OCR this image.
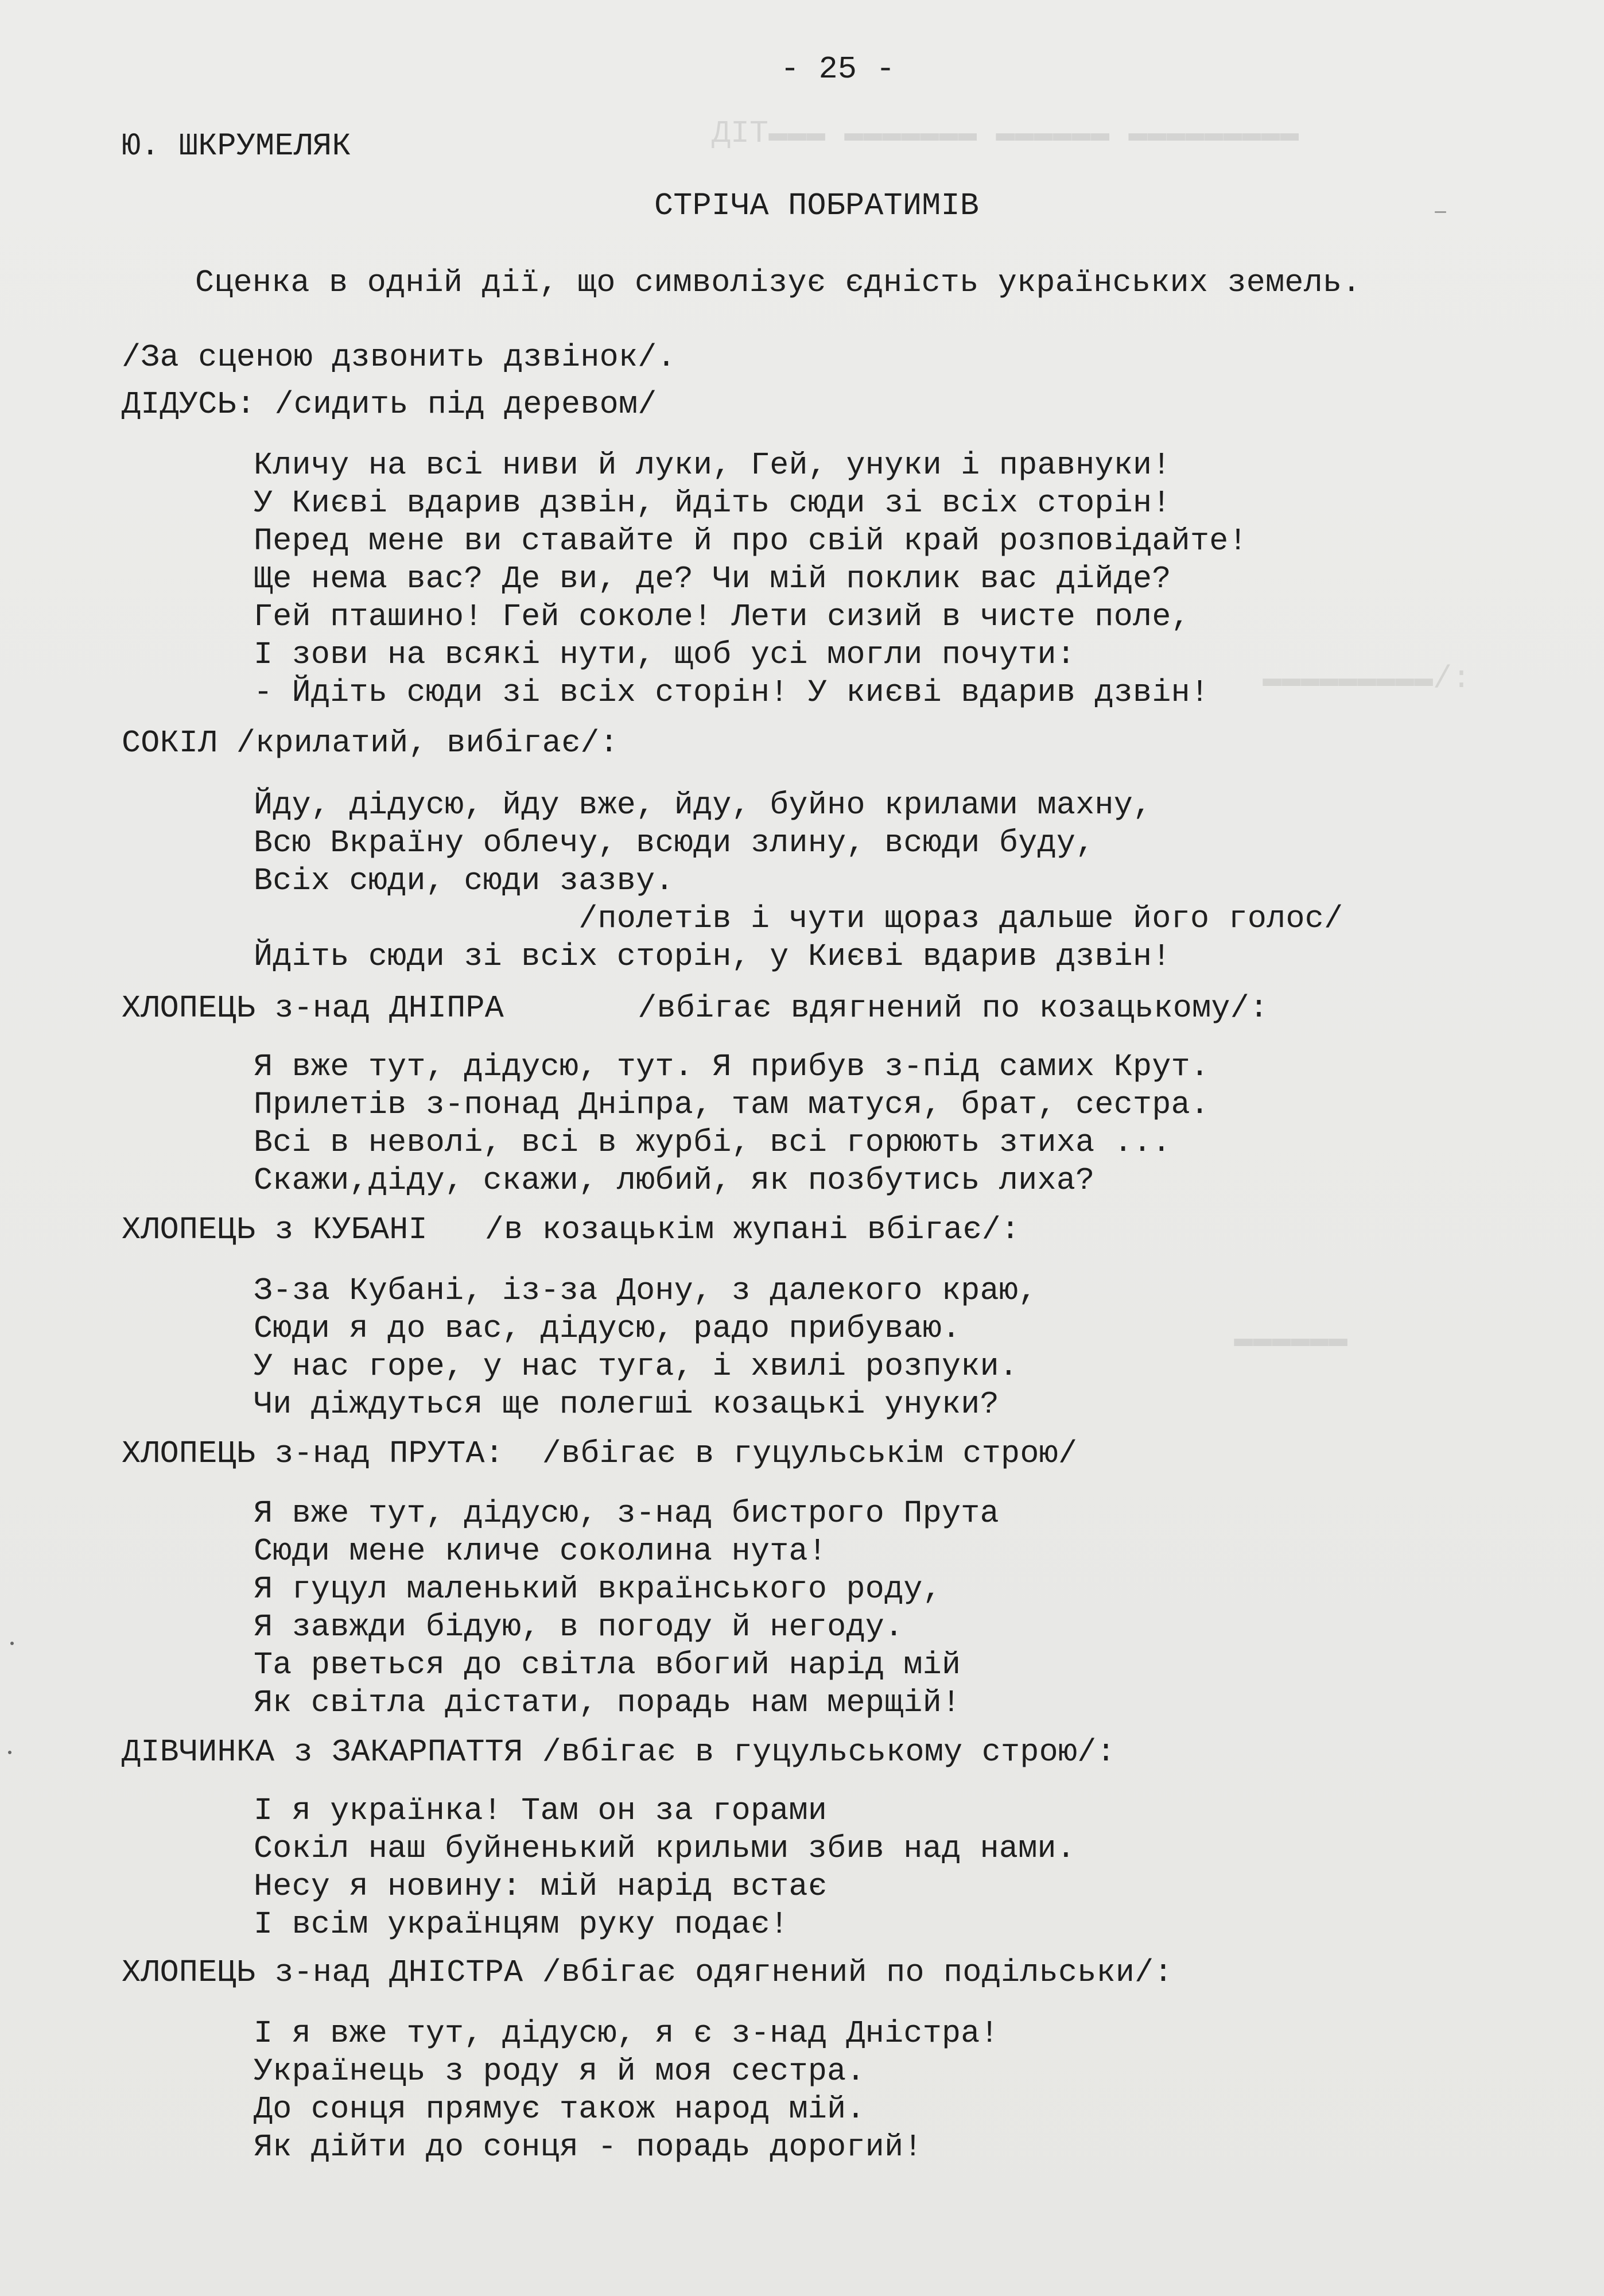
ДІТ▬▬▬ ▬▬▬▬▬▬▬ ▬▬▬▬▬▬ ▬▬▬▬▬▬▬▬▬
▬▬▬▬▬▬▬▬▬/:
▬▬▬▬▬▬
- 25 -
Ю. ШКРУМЕЛЯК
СТРІЧА ПОБРАТИМІВ
Сценка в одній дії, що символізує єдність українських земель.
/За сценою дзвонить дзвінок/.
ДІДУСЬ: /сидить під деревом/
Кличу на всі ниви й луки, Гей, унуки і правнуки!
У Києві вдарив дзвін, йдіть сюди зі всіх сторін!
Перед мене ви ставайте й про свій край розповідайте!
Ще нема вас? Де ви, де? Чи мій поклик вас дійде?
Гей пташино! Гей соколе! Лети сизий в чисте поле,
І зови на всякі нути, щоб усі могли почути:
- Йдіть сюди зі всіх сторін! У києві вдарив дзвін!
СОКІЛ /крилатий, вибігає/:
Йду, дідусю, йду вже, йду, буйно крилами махну,
Всю Вкраїну облечу, всюди злину, всюди буду,
Всіх сюди, сюди зазву.
/полетів і чути щораз дальше його голос/
Йдіть сюди зі всіх сторін, у Києві вдарив дзвін!
ХЛОПЕЦЬ з-над ДНІПРА       /вбігає вдягнений по козацькому/:
Я вже тут, дідусю, тут. Я прибув з-під самих Крут.
Прилетів з-понад Дніпра, там матуся, брат, сестра.
Всі в неволі, всі в журбі, всі горюють зтиха ...
Скажи,діду, скажи, любий, як позбутись лиха?
ХЛОПЕЦЬ з КУБАНІ   /в козацькім жупані вбігає/:
З-за Кубані, із-за Дону, з далекого краю,
Сюди я до вас, дідусю, радо прибуваю.
У нас горе, у нас туга, і хвилі розпуки.
Чи діждуться ще полегші козацькі унуки?
ХЛОПЕЦЬ з-над ПРУТА:  /вбігає в гуцульськім строю/
Я вже тут, дідусю, з-над бистрого Прута
Сюди мене кличе соколина нута!
Я гуцул маленький вкраїнського роду,
Я завжди бідую, в погоду й негоду.
Та рветься до світла вбогий нарід мій
Як світла дістати, порадь нам мерщій!
ДІВЧИНКА з ЗАКАРПАТТЯ /вбігає в гуцульському строю/:
І я українка! Там он за горами
Сокіл наш буйненький крильми збив над нами.
Несу я новину: мій нарід встає
І всім українцям руку подає!
ХЛОПЕЦЬ з-над ДНІСТРА /вбігає одягнений по подільськи/:
І я вже тут, дідусю, я є з-над Дністра!
Українець з роду я й моя сестра.
До сонця прямує також народ мій.
Як дійти до сонця - порадь дорогий!
